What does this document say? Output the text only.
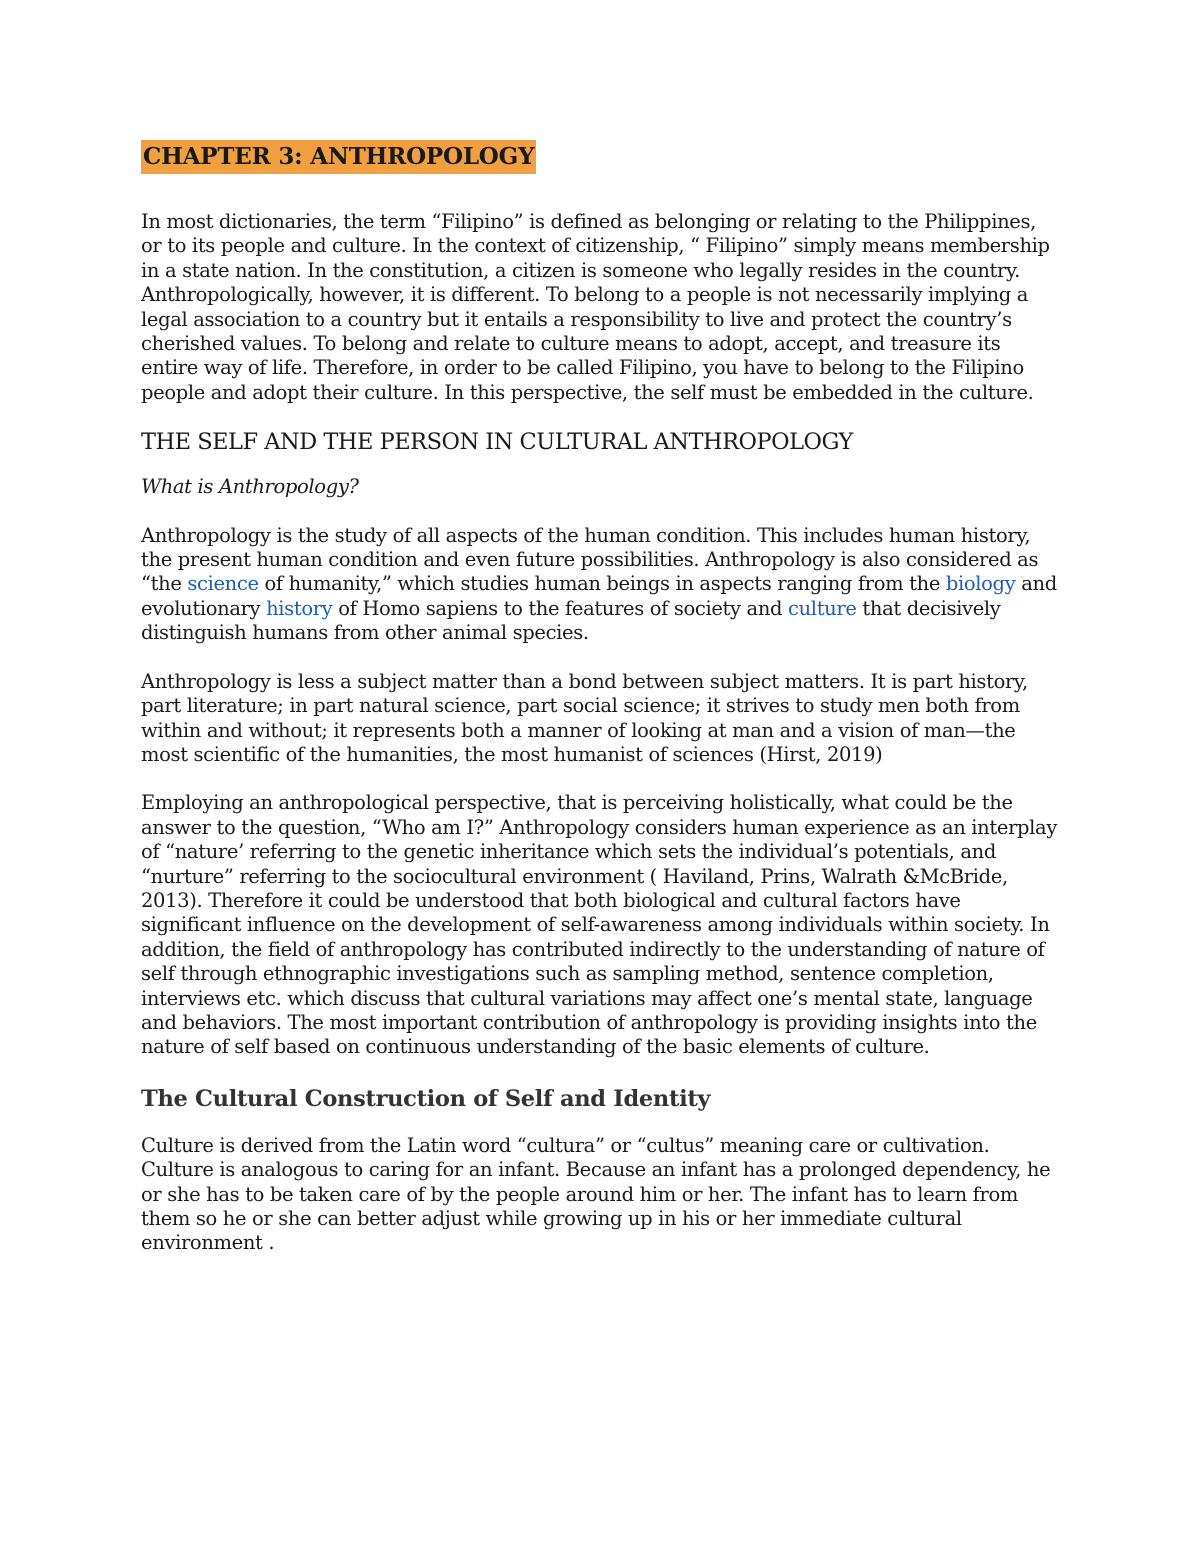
CHAPTER 3: ANTHROPOLOGY

In most dictionaries, the term “Filipino” is defined as belonging or relating to the Philippines, or to its people and culture. In the context of citizenship, “ Filipino” simply means membership in a state nation. In the constitution, a citizen is someone who legally resides in the country. Anthropologically, however, it is different. To belong to a people is not necessarily implying a legal association to a country but it entails a responsibility to live and protect the country’s cherished values. To belong and relate to culture means to adopt, accept, and treasure its entire way of life. Therefore, in order to be called Filipino, you have to belong to the Filipino people and adopt their culture. In this perspective, the self must be embedded in the culture.

THE SELF AND THE PERSON IN CULTURAL ANTHROPOLOGY

What is Anthropology?

Anthropology is the study of all aspects of the human condition. This includes human history, the present human condition and even future possibilities. Anthropology is also considered as “the science of humanity,” which studies human beings in aspects ranging from the biology and evolutionary history of Homo sapiens to the features of society and culture that decisively distinguish humans from other animal species.

Anthropology is less a subject matter than a bond between subject matters. It is part history, part literature; in part natural science, part social science; it strives to study men both from within and without; it represents both a manner of looking at man and a vision of man—the most scientific of the humanities, the most humanist of sciences (Hirst, 2019)

Employing an anthropological perspective, that is perceiving holistically, what could be the answer to the question, “Who am I?” Anthropology considers human experience as an interplay of “nature’ referring to the genetic inheritance which sets the individual’s potentials, and “nurture” referring to the sociocultural environment ( Haviland, Prins, Walrath &McBride, 2013). Therefore it could be understood that both biological and cultural factors have significant influence on the development of self-awareness among individuals within society. In addition, the field of anthropology has contributed indirectly to the understanding of nature of self through ethnographic investigations such as sampling method, sentence completion, interviews etc. which discuss that cultural variations may affect one’s mental state, language and behaviors. The most important contribution of anthropology is providing insights into the nature of self based on continuous understanding of the basic elements of culture.

The Cultural Construction of Self and Identity

Culture is derived from the Latin word “cultura” or “cultus” meaning care or cultivation. Culture is analogous to caring for an infant. Because an infant has a prolonged dependency, he or she has to be taken care of by the people around him or her. The infant has to learn from them so he or she can better adjust while growing up in his or her immediate cultural environment .
